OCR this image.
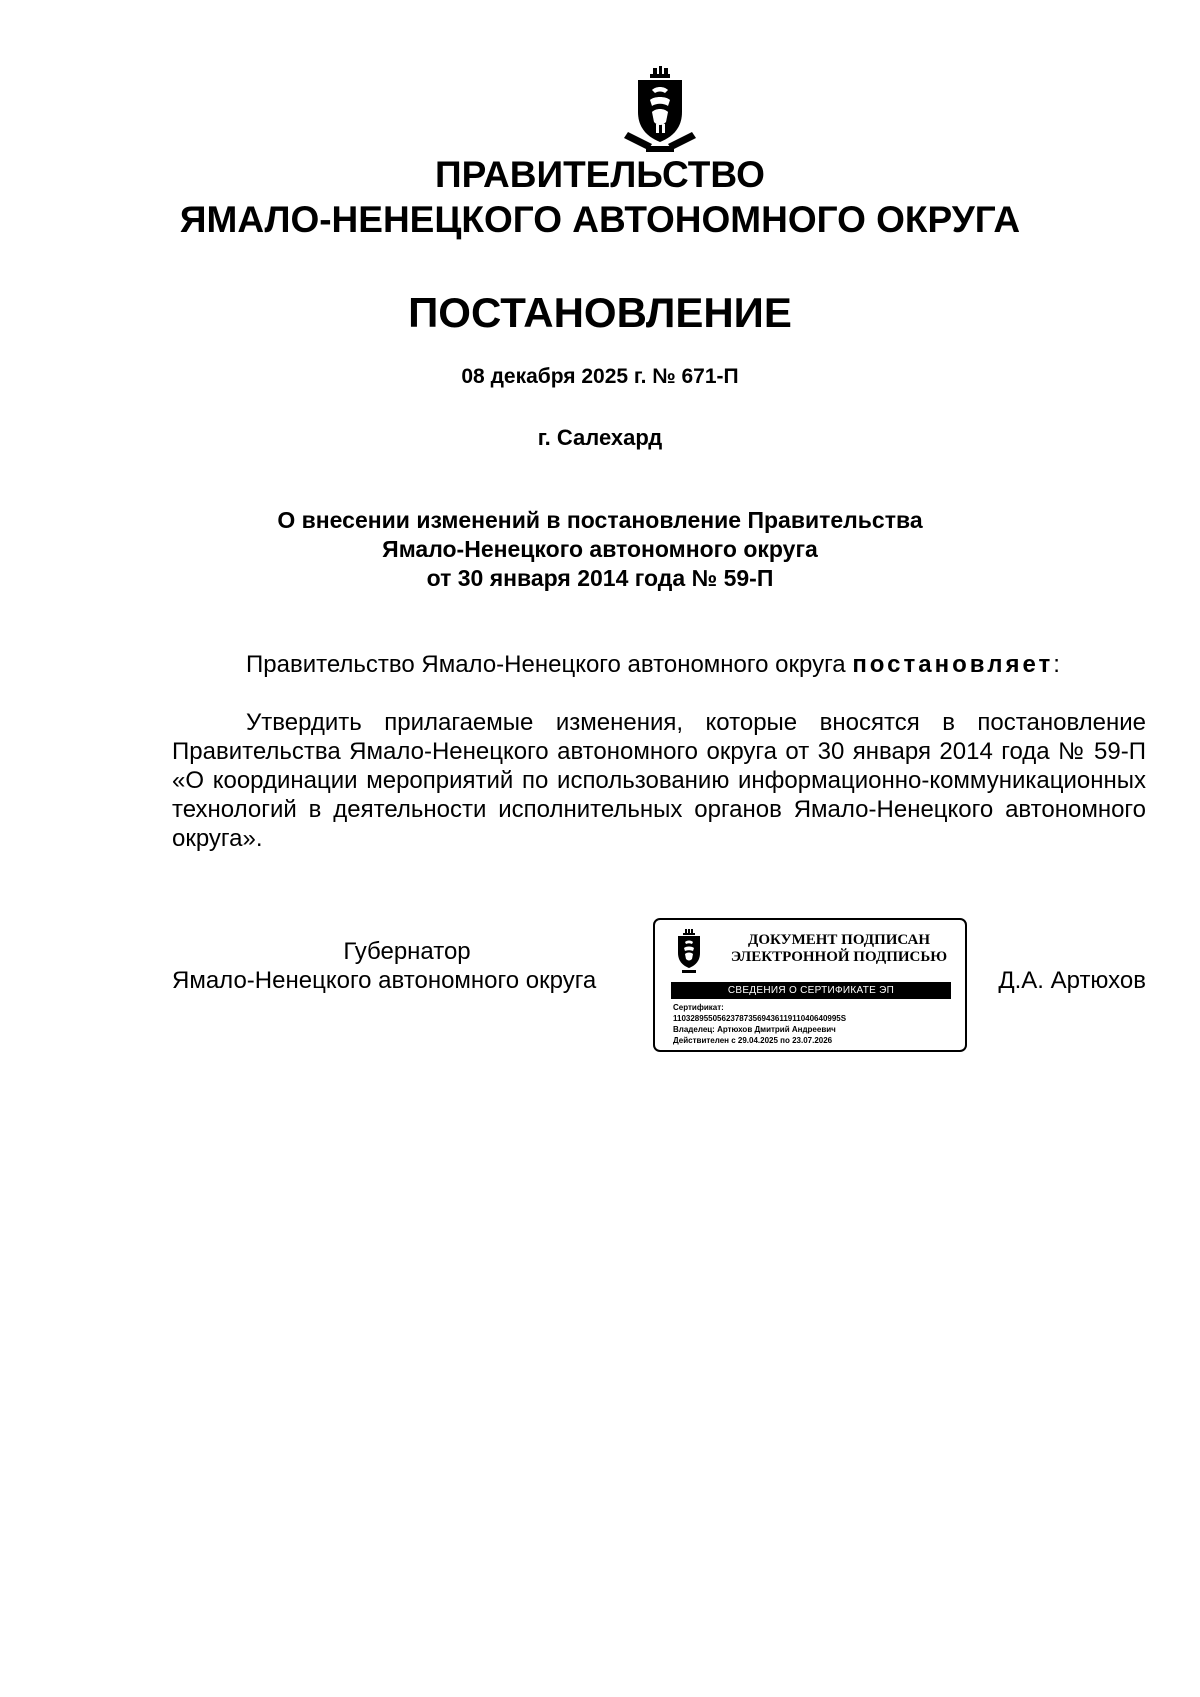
ПРАВИТЕЛЬСТВО
ЯМАЛО-НЕНЕЦКОГО АВТОНОМНОГО ОКРУГА
ПОСТАНОВЛЕНИЕ
08 декабря 2025 г. № 671-П
г. Салехард
О внесении изменений в постановление Правительства
Ямало-Ненецкого автономного округа
от 30 января 2014 года № 59-П
Правительство Ямало-Ненецкого автономного округа постановляет:
Утвердить прилагаемые изменения, которые вносятся в постановление Правительства Ямало-Ненецкого автономного округа от 30 января 2014 года № 59-П «О координации мероприятий по использованию информационно-коммуникационных технологий в деятельности исполнительных органов Ямало-Ненецкого автономного округа».
Губернатор
Ямало-Ненецкого автономного округа	Д.А. Артюхов
ДОКУМЕНТ ПОДПИСАН
ЭЛЕКТРОННОЙ ПОДПИСЬЮ
СВЕДЕНИЯ О СЕРТИФИКАТЕ ЭП
Сертификат:
11032895505623787356943611911040640995S
Владелец: Артюхов Дмитрий Андреевич
Действителен с 29.04.2025 по 23.07.2026
